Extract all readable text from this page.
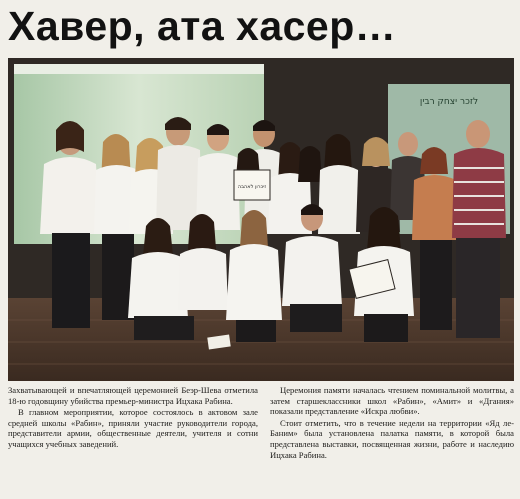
Хавер, ата хасер…
לזכר יצחק רבין
זיכרון לאהבה

Захватывающей и впечатляющей церемонией Беэр-Шева отметила 18-ю годовщину убийства премьер-министра Ицхака Рабина.

В главном мероприятии, которое состоялось в актовом зале средней школы «Рабин», приняли участие руководители города, представители армии, общественные деятели, учителя и сотни учащихся учебных заведений.

Церемония памяти началась чтением поминальной молитвы, а затем старшеклассники школ «Рабин», «Амит» и «Дгания» показали представление «Искра любви».

Стоит отметить, что в течение недели на территории «Яд ле-Баним» была установлена палатка памяти, в которой была представлена выставки, посвященная жизни, работе и наследию Ицхака Рабина.
